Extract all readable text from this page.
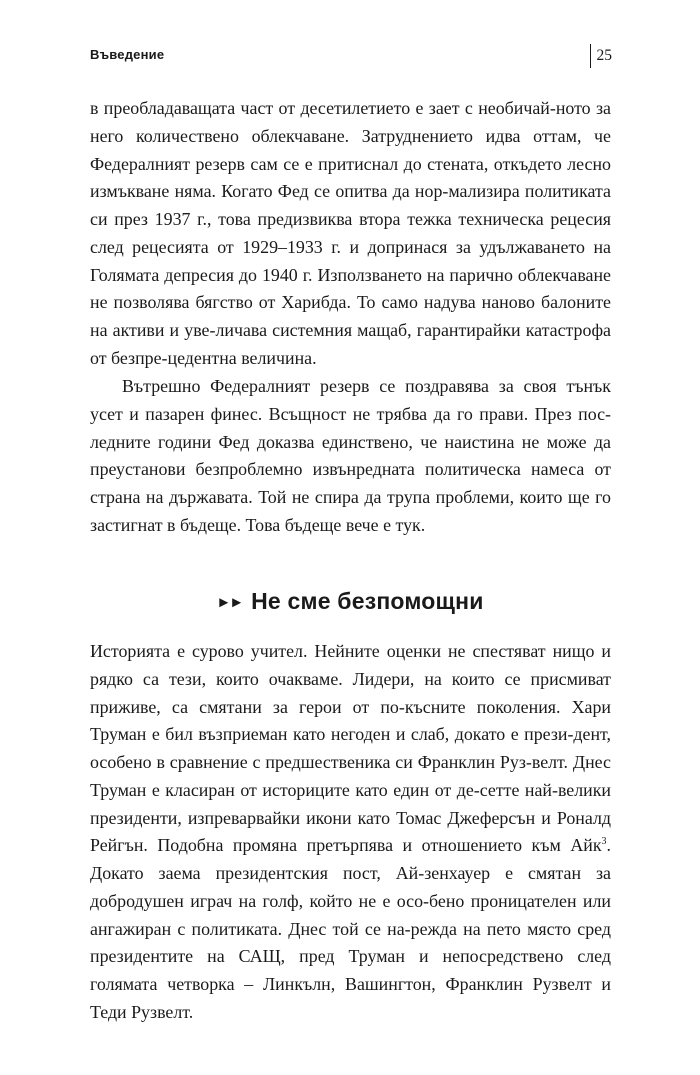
Въведение	25

в преобладаващата част от десетилетието е зает с необичай-ното за него количествено облекчаване. Затруднението идва оттам, че Федералният резерв сам се е притиснал до стената, откъдето лесно измъкване няма. Когато Фед се опитва да нор-мализира политиката си през 1937 г., това предизвиква втора тежка техническа рецесия след рецесията от 1929–1933 г. и допринася за удължаването на Голямата депресия до 1940 г. Използването на парично облекчаване не позволява бягство от Харибда. То само надува наново балоните на активи и уве-личава системния мащаб, гарантирайки катастрофа от безпре-цедентна величина.

Вътрешно Федералният резерв се поздравява за своя тънък усет и пазарен финес. Всъщност не трябва да го прави. През пос-ледните години Фед доказва единствено, че наистина не може да преустанови безпроблемно извънредната политическа намеса от страна на държавата. Той не спира да трупа проблеми, които ще го застигнат в бъдеще. Това бъдеще вече е тук.

►► Не сме безпомощни

Историята е сурово учител. Нейните оценки не спестяват нищо и рядко са тези, които очакваме. Лидери, на които се присмиват приживе, са смятани за герои от по-късните поколения. Хари Труман е бил възприеман като негоден и слаб, докато е прези-дент, особено в сравнение с предшественика си Франклин Руз-велт. Днес Труман е класиран от историците като един от де-сетте най-велики президенти, изпреварвайки икони като Томас Джеферсън и Роналд Рейгън. Подобна промяна претърпява и отношението към Айк$^3$. Докато заема президентския пост, Ай-зенхауер е смятан за добродушен играч на голф, който не е осо-бено проницателен или ангажиран с политиката. Днес той се на-режда на пето място сред президентите на САЩ, пред Труман и непосредствено след голямата четворка – Линкълн, Вашингтон, Франклин Рузвелт и Теди Рузвелт.
